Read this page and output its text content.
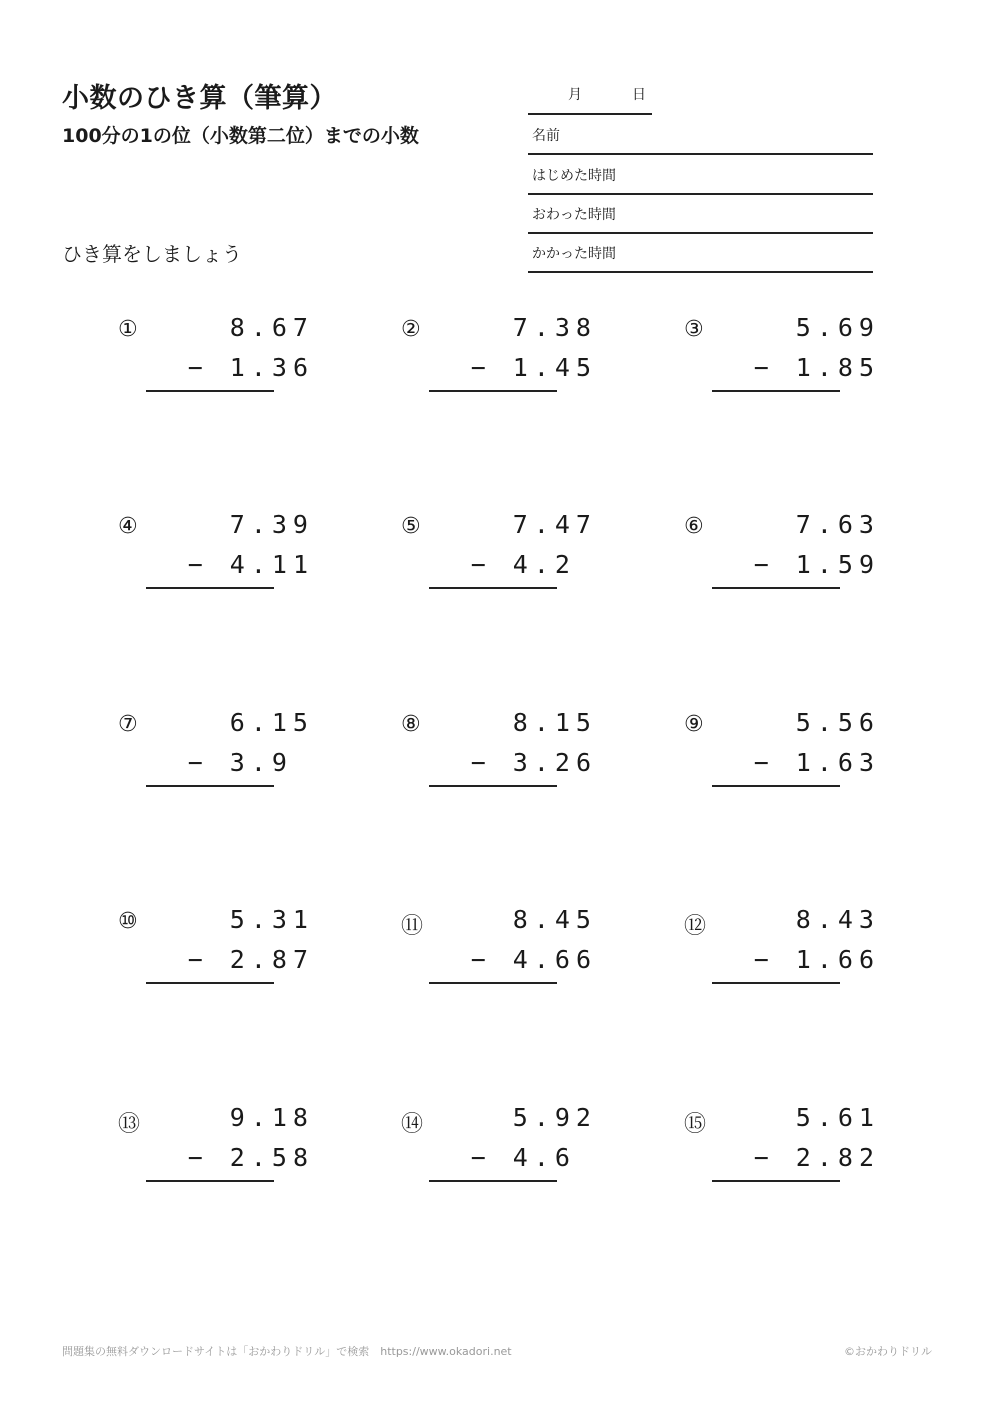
小数のひき算（筆算）
100分の1の位（小数第二位）までの小数
ひき算をしましょう
月	日
名前
はじめた時間
おわった時間
かかった時間
①	8.67
− 1.36
②	7.38
− 1.45
③	5.69
− 1.85
④	7.39
− 4.11
⑤	7.47
− 4.2
⑥	7.63
− 1.59
⑦	6.15
− 3.9
⑧	8.15
− 3.26
⑨	5.56
− 1.63
⑩	5.31
− 2.87
⑪	8.45
− 4.66
⑫	8.43
− 1.66
⑬	9.18
− 2.58
⑭	5.92
− 4.6
⑮	5.61
− 2.82
問題集の無料ダウンロードサイトは「おかわりドリル」で検索　https://www.okadori.net	©おかわりドリル
